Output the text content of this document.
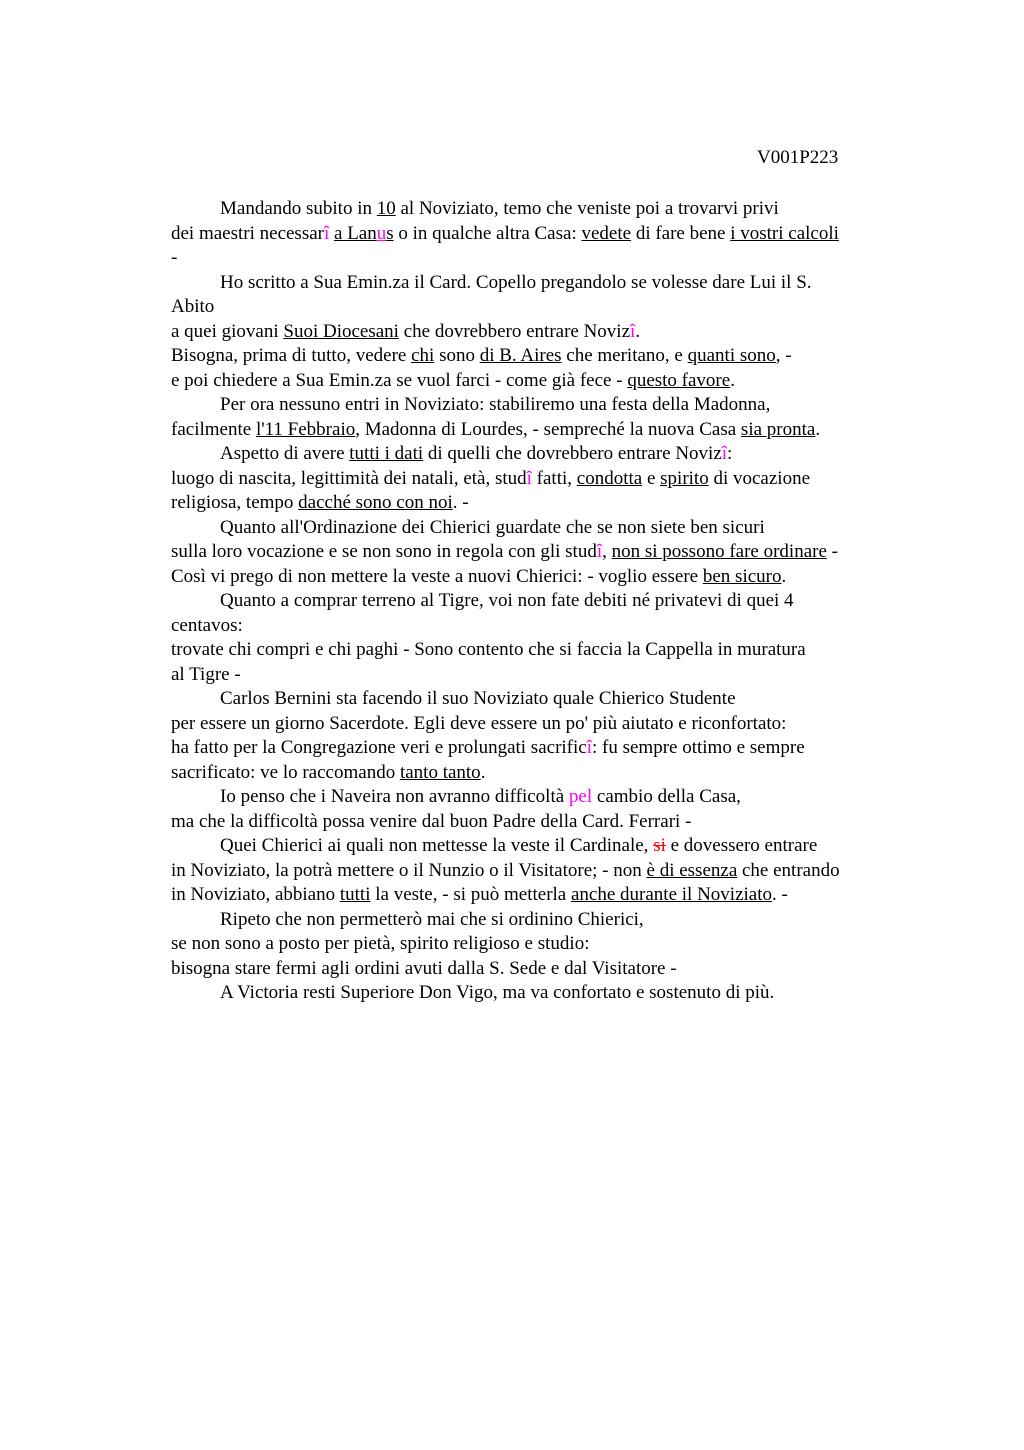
V001P223
Mandando subito in 10 al Noviziato, temo che veniste poi a trovarvi privi
dei maestri necessarî a Lanus o in qualche altra Casa: vedete di fare bene i vostri calcoli
-
Ho scritto a Sua Emin.za il Card. Copello pregandolo se volesse dare Lui il S.
Abito
a quei giovani Suoi Diocesani che dovrebbero entrare Novizî.
Bisogna, prima di tutto, vedere chi sono di B. Aires che meritano, e quanti sono, -
e poi chiedere a Sua Emin.za se vuol farci - come già fece - questo favore.
Per ora nessuno entri in Noviziato: stabiliremo una festa della Madonna,
facilmente l'11 Febbraio, Madonna di Lourdes, - sempreché la nuova Casa sia pronta.
Aspetto di avere tutti i dati di quelli che dovrebbero entrare Novizî:
luogo di nascita, legittimità dei natali, età, studî fatti, condotta e spirito di vocazione
religiosa, tempo dacché sono con noi. -
Quanto all'Ordinazione dei Chierici guardate che se non siete ben sicuri
sulla loro vocazione e se non sono in regola con gli studî, non si possono fare ordinare -
Così vi prego di non mettere la veste a nuovi Chierici: - voglio essere ben sicuro.
Quanto a comprar terreno al Tigre, voi non fate debiti né privatevi di quei 4
centavos:
trovate chi compri e chi paghi - Sono contento che si faccia la Cappella in muratura
al Tigre -
Carlos Bernini sta facendo il suo Noviziato quale Chierico Studente
per essere un giorno Sacerdote. Egli deve essere un po' più aiutato e riconfortato:
ha fatto per la Congregazione veri e prolungati sacrificî: fu sempre ottimo e sempre
sacrificato: ve lo raccomando tanto tanto.
Io penso che i Naveira non avranno difficoltà pel cambio della Casa,
ma che la difficoltà possa venire dal buon Padre della Card. Ferrari -
Quei Chierici ai quali non mettesse la veste il Cardinale, si e dovessero entrare
in Noviziato, la potrà mettere o il Nunzio o il Visitatore; - non è di essenza che entrando
in Noviziato, abbiano tutti la veste, - si può metterla anche durante il Noviziato. -
Ripeto che non permetterò mai che si ordinino Chierici,
se non sono a posto per pietà, spirito religioso e studio:
bisogna stare fermi agli ordini avuti dalla S. Sede e dal Visitatore -
A Victoria resti Superiore Don Vigo, ma va confortato e sostenuto di più.
